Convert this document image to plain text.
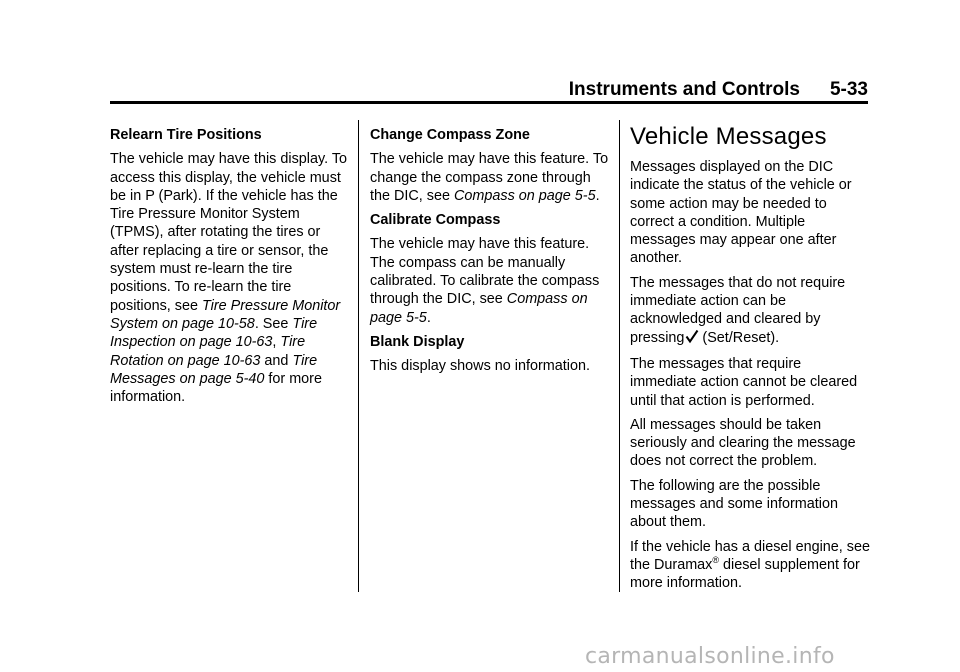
Instruments and Controls 5-33

Relearn Tire Positions

The vehicle may have this display. To access this display, the vehicle must be in P (Park). If the vehicle has the Tire Pressure Monitor System (TPMS), after rotating the tires or after replacing a tire or sensor, the system must re-learn the tire positions. To re-learn the tire positions, see Tire Pressure Monitor System on page 10-58. See Tire Inspection on page 10-63, Tire Rotation on page 10-63 and Tire Messages on page 5-40 for more information.

Change Compass Zone

The vehicle may have this feature. To change the compass zone through the DIC, see Compass on page 5-5.

Calibrate Compass

The vehicle may have this feature. The compass can be manually calibrated. To calibrate the compass through the DIC, see Compass on page 5-5.

Blank Display

This display shows no information.

Vehicle Messages

Messages displayed on the DIC indicate the status of the vehicle or some action may be needed to correct a condition. Multiple messages may appear one after another.

The messages that do not require immediate action can be acknowledged and cleared by pressing (Set/Reset).

The messages that require immediate action cannot be cleared until that action is performed.

All messages should be taken seriously and clearing the message does not correct the problem.

The following are the possible messages and some information about them.

If the vehicle has a diesel engine, see the Duramax® diesel supplement for more information.

carmanualsonline.info
